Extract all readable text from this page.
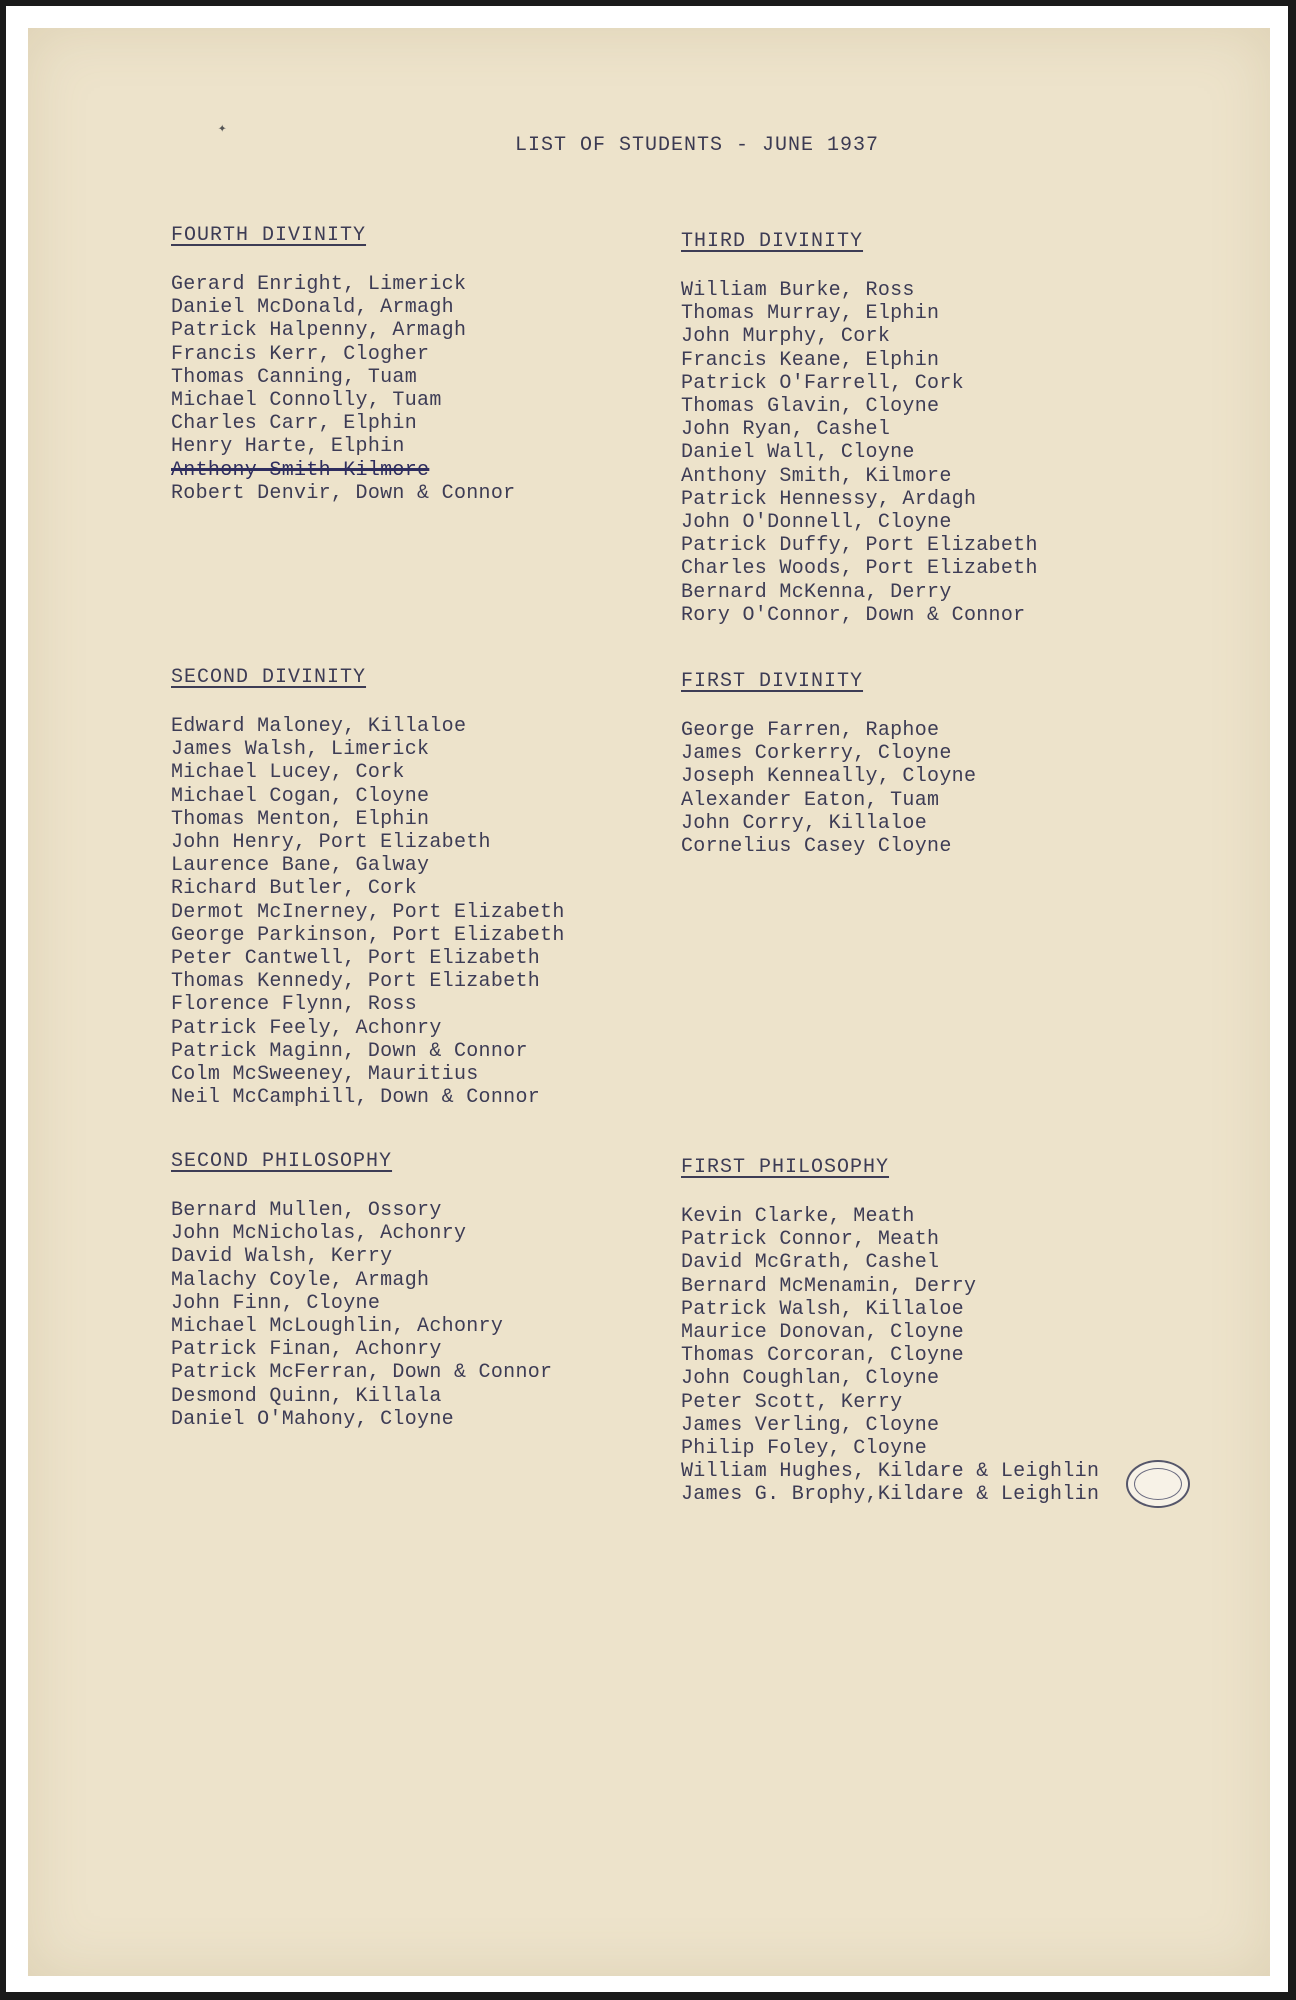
LIST OF STUDENTS - JUNE 1937
FOURTH DIVINITY
Gerard Enright, Limerick
Daniel McDonald, Armagh
Patrick Halpenny, Armagh
Francis Kerr, Clogher
Thomas Canning, Tuam
Michael Connolly, Tuam
Charles Carr, Elphin
Henry Harte, Elphin
Anthony Smith Kilmore
Robert Denvir, Down & Connor
THIRD DIVINITY
William Burke, Ross
Thomas Murray, Elphin
John Murphy, Cork
Francis Keane, Elphin
Patrick O'Farrell, Cork
Thomas Glavin, Cloyne
John Ryan, Cashel
Daniel Wall, Cloyne
Anthony Smith, Kilmore
Patrick Hennessy, Ardagh
John O'Donnell, Cloyne
Patrick Duffy, Port Elizabeth
Charles Woods, Port Elizabeth
Bernard McKenna, Derry
Rory O'Connor, Down & Connor
SECOND DIVINITY
Edward Maloney, Killaloe
James Walsh, Limerick
Michael Lucey, Cork
Michael Cogan, Cloyne
Thomas Menton, Elphin
John Henry, Port Elizabeth
Laurence Bane, Galway
Richard Butler, Cork
Dermot McInerney, Port Elizabeth
George Parkinson, Port Elizabeth
Peter Cantwell, Port Elizabeth
Thomas Kennedy, Port Elizabeth
Florence Flynn, Ross
Patrick Feely, Achonry
Patrick Maginn, Down & Connor
Colm McSweeney, Mauritius
Neil McCamphill, Down & Connor
FIRST DIVINITY
George Farren, Raphoe
James Corkerry, Cloyne
Joseph Kenneally, Cloyne
Alexander Eaton, Tuam
John Corry, Killaloe
Cornelius Casey Cloyne
SECOND PHILOSOPHY
Bernard Mullen, Ossory
John McNicholas, Achonry
David Walsh, Kerry
Malachy Coyle, Armagh
John Finn, Cloyne
Michael McLoughlin, Achonry
Patrick Finan, Achonry
Patrick McFerran, Down & Connor
Desmond Quinn, Killala
Daniel O'Mahony, Cloyne
FIRST PHILOSOPHY
Kevin Clarke, Meath
Patrick Connor, Meath
David McGrath, Cashel
Bernard McMenamin, Derry
Patrick Walsh, Killaloe
Maurice Donovan, Cloyne
Thomas Corcoran, Cloyne
John Coughlan, Cloyne
Peter Scott, Kerry
James Verling, Cloyne
Philip Foley, Cloyne
William Hughes, Kildare & Leighlin
James G. Brophy,Kildare & Leighlin
✦
